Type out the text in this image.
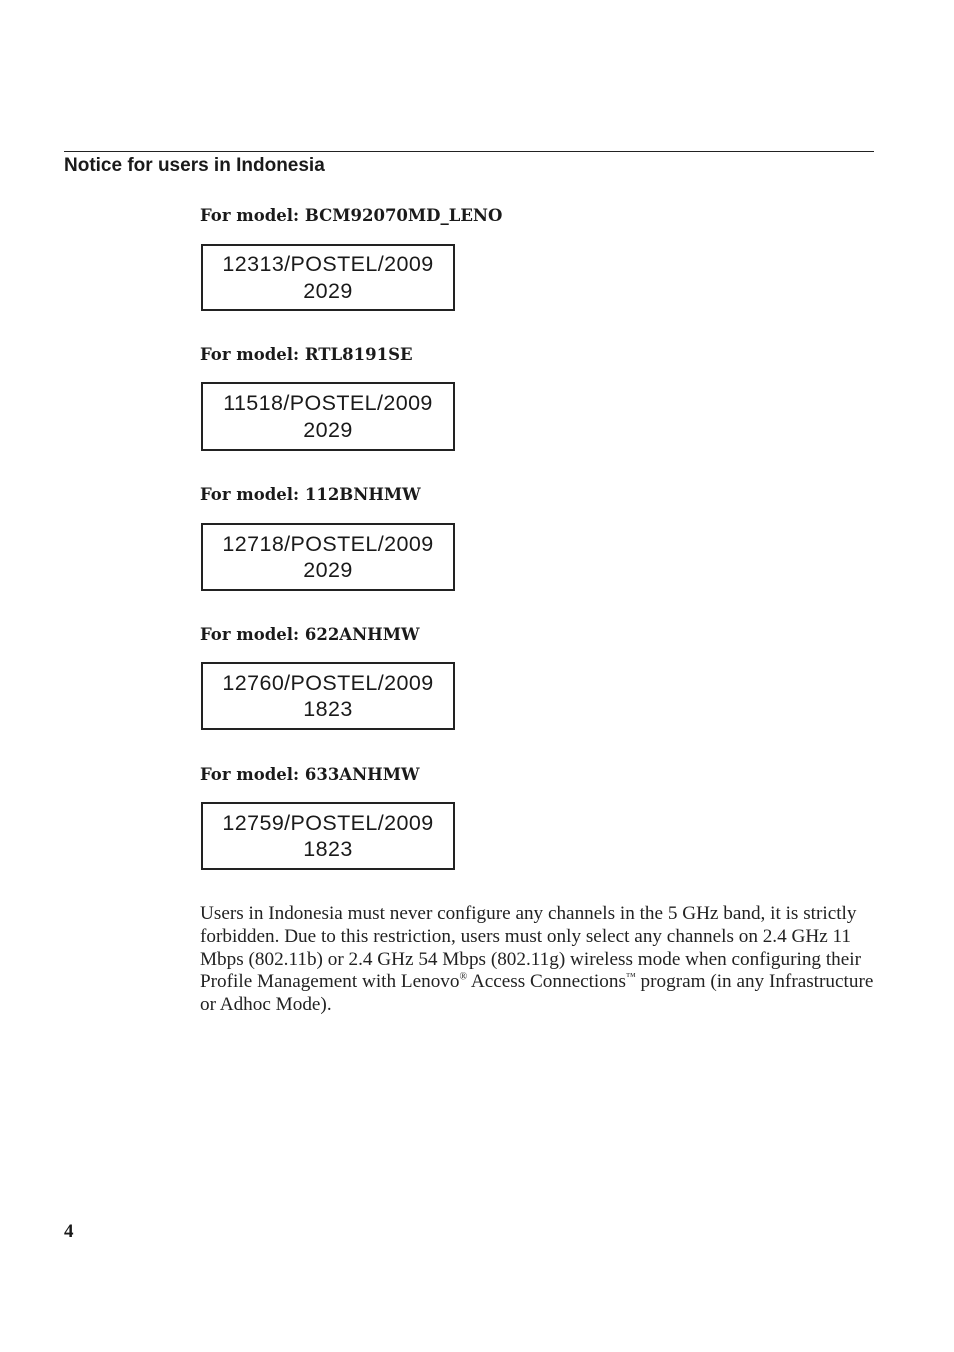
Notice for users in Indonesia

For model: BCM92070MD_LENO

12313/POSTEL/2009
2029

For model: RTL8191SE

11518/POSTEL/2009
2029

For model: 112BNHMW

12718/POSTEL/2009
2029

For model: 622ANHMW

12760/POSTEL/2009
1823

For model: 633ANHMW

12759/POSTEL/2009
1823

Users in Indonesia must never configure any channels in the 5 GHz band, it is strictly forbidden. Due to this restriction, users must only select any channels on 2.4 GHz 11 Mbps (802.11b) or 2.4 GHz 54 Mbps (802.11g) wireless mode when configuring their Profile Management with Lenovo® Access Connections™ program (in any Infrastructure or Adhoc Mode).

4
